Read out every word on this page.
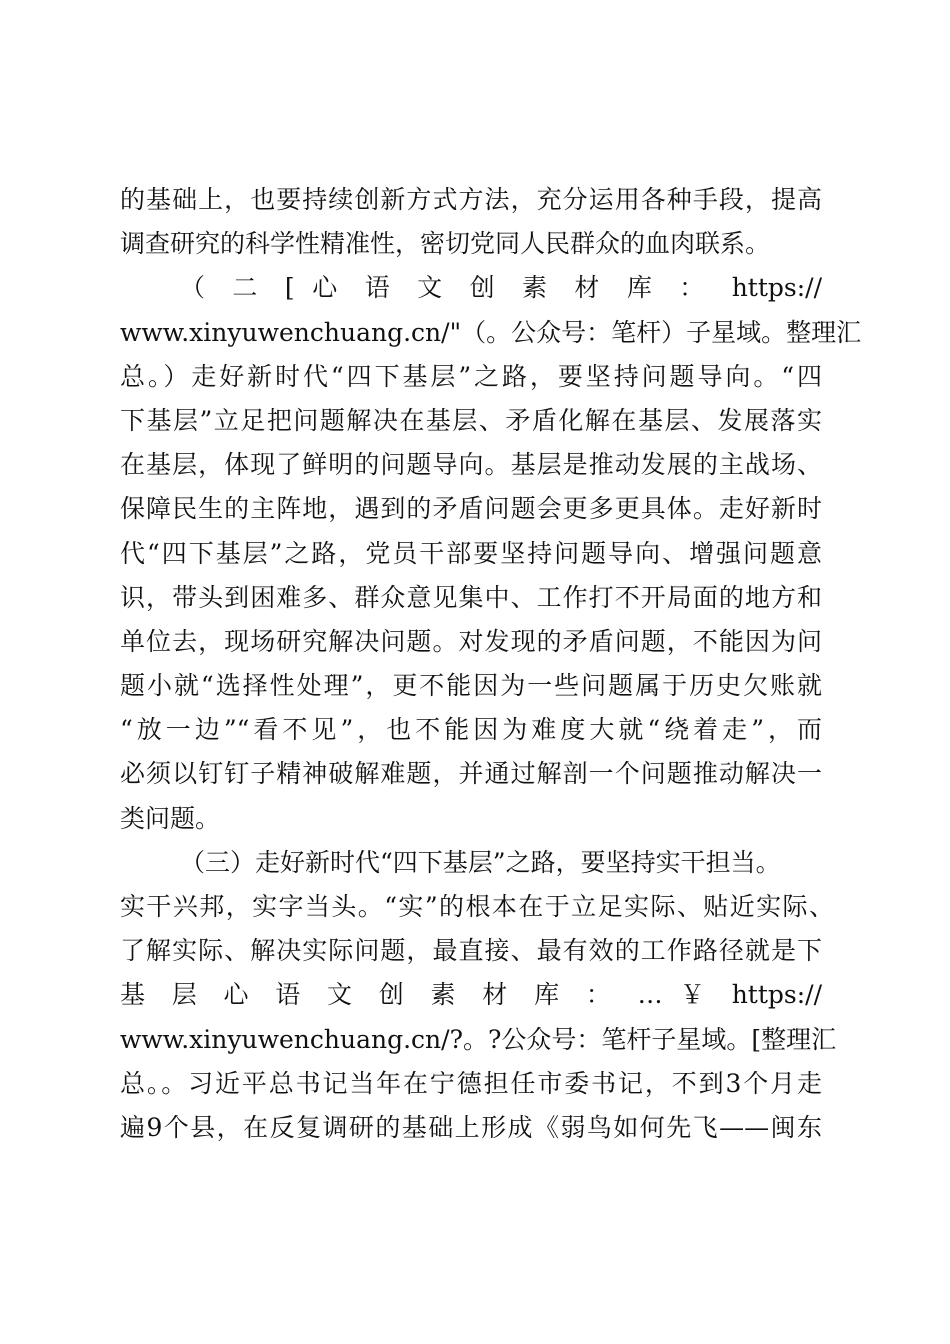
的基础上，也要持续创新方式方法，充分运用各种手段，提高
调查研究的科学性精准性，密切党同人民群众的血肉联系。
（ 二 [ 心 语 文 创 素 材 库 ： https://
www.xinyuwenchuang.cn/"（。公众号：笔杆）子星域。整理汇
总。）走好新时代“四下基层”之路，要坚持问题导向。“四
下基层”立足把问题解决在基层、矛盾化解在基层、发展落实
在基层，体现了鲜明的问题导向。基层是推动发展的主战场、
保障民生的主阵地，遇到的矛盾问题会更多更具体。走好新时
代“四下基层”之路，党员干部要坚持问题导向、增强问题意
识，带头到困难多、群众意见集中、工作打不开局面的地方和
单位去，现场研究解决问题。对发现的矛盾问题，不能因为问
题小就“选择性处理”，更不能因为一些问题属于历史欠账就
“放一边”“看不见”，也不能因为难度大就“绕着走”，而
必须以钉钉子精神破解难题，并通过解剖一个问题推动解决一
类问题。
（三）走好新时代“四下基层”之路，要坚持实干担当。
实干兴邦，实字当头。“实”的根本在于立足实际、贴近实际、
了解实际、解决实际问题，最直接、最有效的工作路径就是下
基 层 心 语 文 创 素 材 库 ： … ￥ https://
www.xinyuwenchuang.cn/?。?公众号：笔杆子星域。[整理汇
总。。习近平总书记当年在宁德担任市委书记，不到3个月走
遍9个县，在反复调研的基础上形成《弱鸟如何先飞——闽东
